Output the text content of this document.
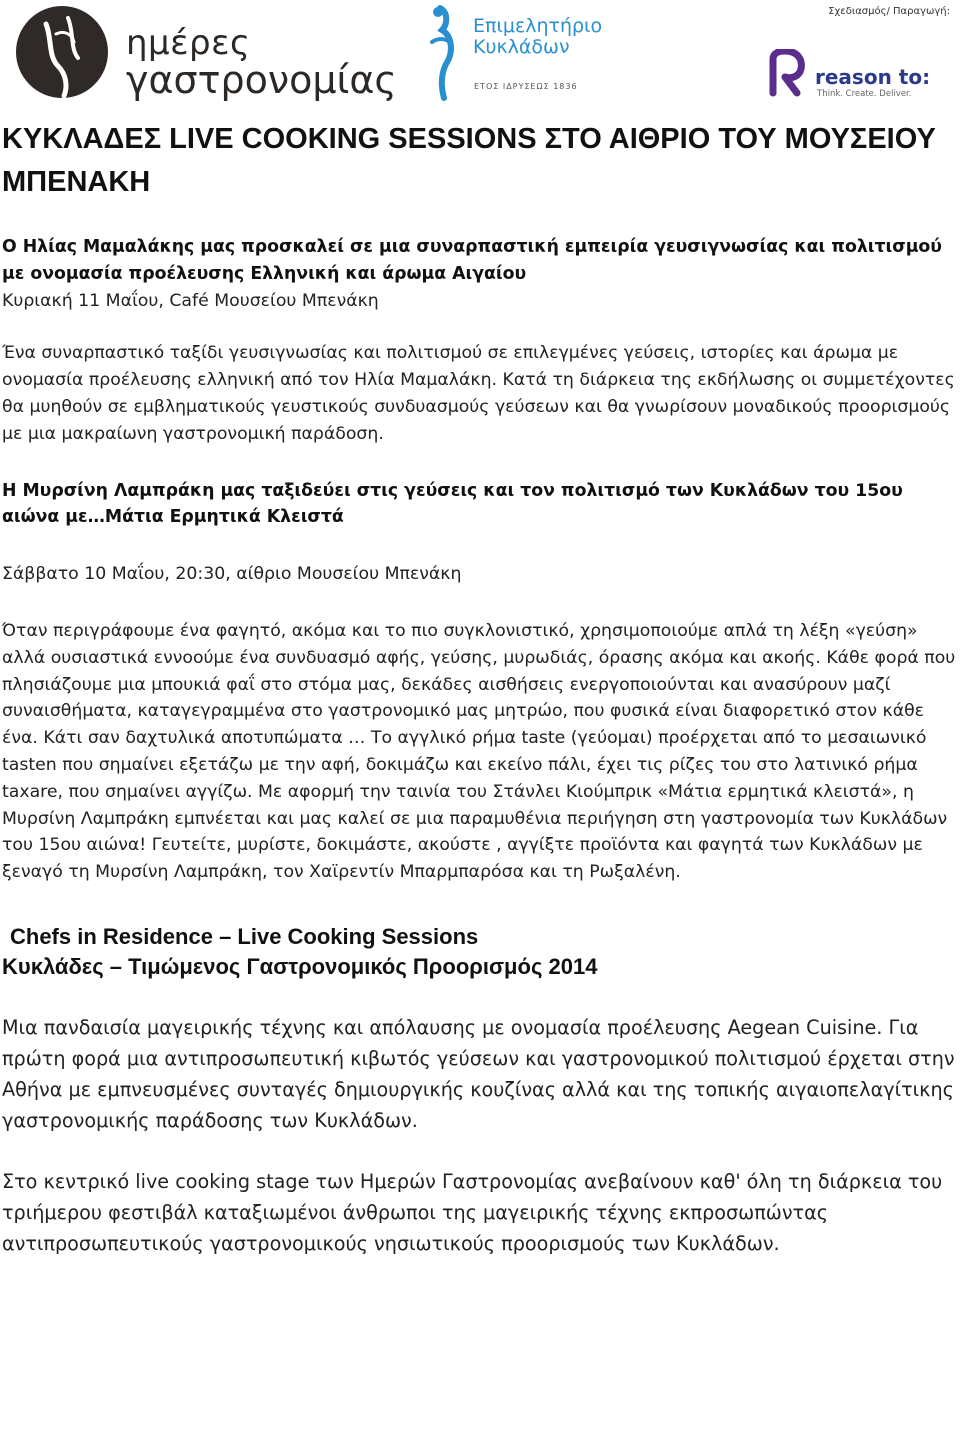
ημέρες
γαστρονομίας
Επιμελητήριο
Κυκλάδων
ΕΤΟΣ ΙΔΡΥΣΕΩΣ 1836
Σχεδιασμός/ Παραγωγή:
reason to:
Think. Create. Deliver.
ΚΥΚΛΑΔΕΣ LIVE COOKING SESSIONS ΣΤΟ ΑΙΘΡΙΟ ΤΟΥ ΜΟΥΣΕΙΟΥ ΜΠΕΝΑΚΗ

Ο Ηλίας Μαμαλάκης μας προσκαλεί σε μια συναρπαστική εμπειρία γευσιγνωσίας και πολιτισμού με ονομασία προέλευσης Ελληνική και άρωμα Αιγαίου

Κυριακή 11 Μαΐου, Café Μουσείου Μπενάκη

Ένα συναρπαστικό ταξίδι γευσιγνωσίας και πολιτισμού σε επιλεγμένες γεύσεις, ιστορίες και άρωμα με ονομασία προέλευσης ελληνική από τον Ηλία Μαμαλάκη. Κατά τη διάρκεια της εκδήλωσης οι συμμετέχοντες θα μυηθούν σε εμβληματικούς γευστικούς συνδυασμούς γεύσεων και θα γνωρίσουν μοναδικούς προορισμούς με μια μακραίωνη γαστρονομική παράδοση.

Η Μυρσίνη Λαμπράκη μας ταξιδεύει στις γεύσεις και τον πολιτισμό των Κυκλάδων του 15ου αιώνα με…Μάτια Ερμητικά Κλειστά

Σάββατο 10 Μαΐου, 20:30, αίθριο Μουσείου Μπενάκη

Όταν περιγράφουμε ένα φαγητό, ακόμα και το πιο συγκλονιστικό, χρησιμοποιούμε απλά τη λέξη «γεύση» αλλά ουσιαστικά εννοούμε ένα συνδυασμό αφής, γεύσης, μυρωδιάς, όρασης ακόμα και ακοής. Κάθε φορά που πλησιάζουμε μια μπουκιά φαΐ στο στόμα μας, δεκάδες αισθήσεις ενεργοποιούνται και ανασύρουν μαζί συναισθήματα, καταγεγραμμένα στο γαστρονομικό μας μητρώο, που φυσικά είναι διαφορετικό στον κάθε ένα. Κάτι σαν δαχτυλικά αποτυπώματα … Το αγγλικό ρήμα taste (γεύομαι) προέρχεται από το μεσαιωνικό tasten που σημαίνει εξετάζω με την αφή, δοκιμάζω και εκείνο πάλι, έχει τις ρίζες του στο λατινικό ρήμα taxare, που σημαίνει αγγίζω. Με αφορμή την ταινία του Στάνλει Κιούμπρικ «Μάτια ερμητικά κλειστά», η Μυρσίνη Λαμπράκη εμπνέεται και μας καλεί σε μια παραμυθένια περιήγηση στη γαστρονομία των Κυκλάδων του 15ου αιώνα! Γευτείτε, μυρίστε, δοκιμάστε, ακούστε , αγγίξτε προϊόντα και φαγητά των Κυκλάδων με ξεναγό τη Μυρσίνη Λαμπράκη, τον Χαϊρεντίν Μπαρμπαρόσα και τη Ρωξαλένη.

Chefs in Residence – Live Cooking Sessions

Κυκλάδες – Τιμώμενος Γαστρονομικός Προορισμός 2014

Μια πανδαισία μαγειρικής τέχνης και απόλαυσης με ονομασία προέλευσης Aegean Cuisine. Για πρώτη φορά μια αντιπροσωπευτική κιβωτός γεύσεων και γαστρονομικού πολιτισμού έρχεται στην Αθήνα με εμπνευσμένες συνταγές δημιουργικής κουζίνας αλλά και της τοπικής αιγαιοπελαγίτικης γαστρονομικής παράδοσης των Κυκλάδων.

Στο κεντρικό live cooking stage των Ημερών Γαστρονομίας ανεβαίνουν καθ' όλη τη διάρκεια του τριήμερου φεστιβάλ καταξιωμένοι άνθρωποι της μαγειρικής τέχνης εκπροσωπώντας αντιπροσωπευτικούς γαστρονομικούς νησιωτικούς προορισμούς των Κυκλάδων.
